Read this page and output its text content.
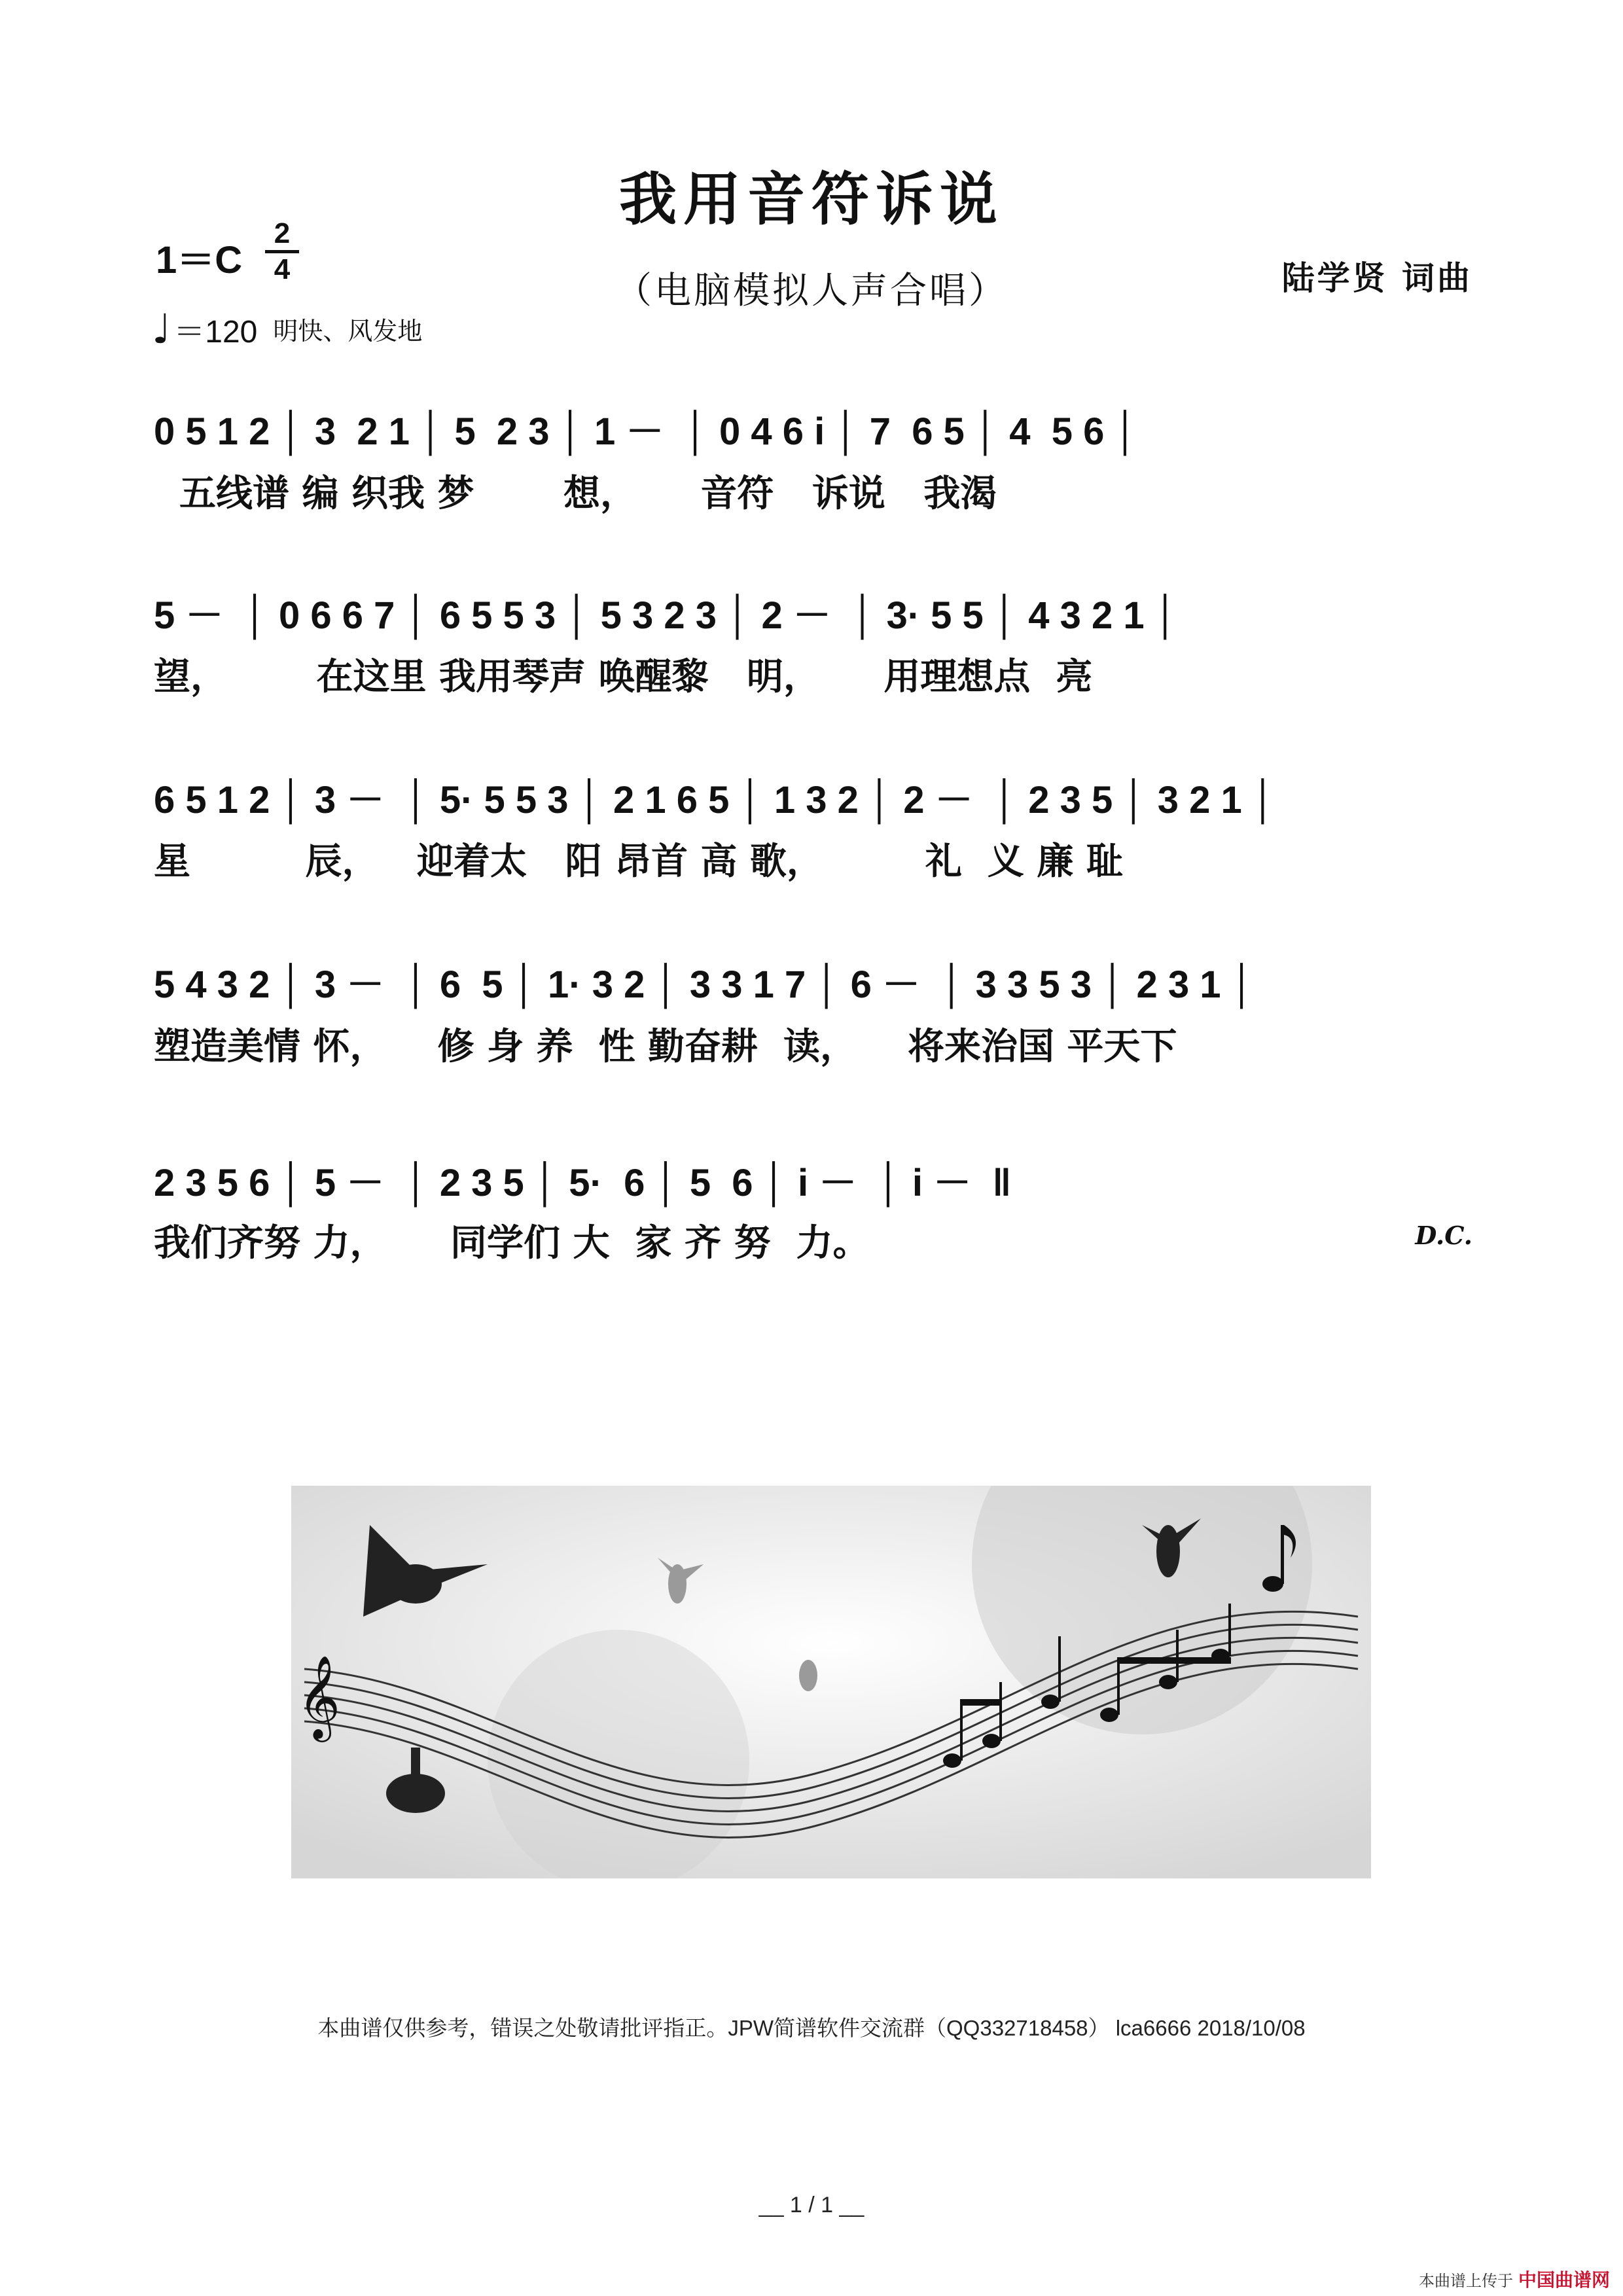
我用音符诉说
（电脑模拟人声合唱）	陆学贤 词曲
1＝C
2
4
♩ ＝120 明快、风发地

0 5 1 2 │ 3  2 1 │ 5  2 3 │ 1 －  │ 0 4 6 i │ 7  6 5 │ 4  5 6 │

五线谱 编 织我 梦       想，     音符   诉说   我渴

5 －  │ 0 6 6 7 │ 6 5 5 3 │ 5 3 2 3 │ 2 －  │ 3· 5 5 │ 4 3 2 1 │

望，       在这里 我用琴声 唤醒黎   明，     用理想点  亮

6 5 1 2 │ 3 －  │ 5· 5 5 3 │ 2 1 6 5 │ 1 3 2 │ 2 －  │ 2 3 5 │ 3 2 1 │

星         辰，   迎着太   阳 昂首 高 歌，        礼  义 廉 耻

5 4 3 2 │ 3 －  │ 6  5 │ 1· 3 2 │ 3 3 1 7 │ 6 －  │ 3 3 5 3 │ 2 3 1 │

塑造美情 怀，    修 身 养  性 勤奋耕  读，    将来治国 平天下

2 3 5 6 │ 5 －  │ 2 3 5 │ 5·  6 │ 5  6 │ i －  │ i －  ‖

我们齐努 力，     同学们 大  家 齐 努  力。	D.C.
𝄞
本曲谱仅供参考，错误之处敬请批评指正。JPW简谱软件交流群（QQ332718458） lca6666 2018/10/08
__ 1 / 1 __
本曲谱上传于 中国曲谱网
